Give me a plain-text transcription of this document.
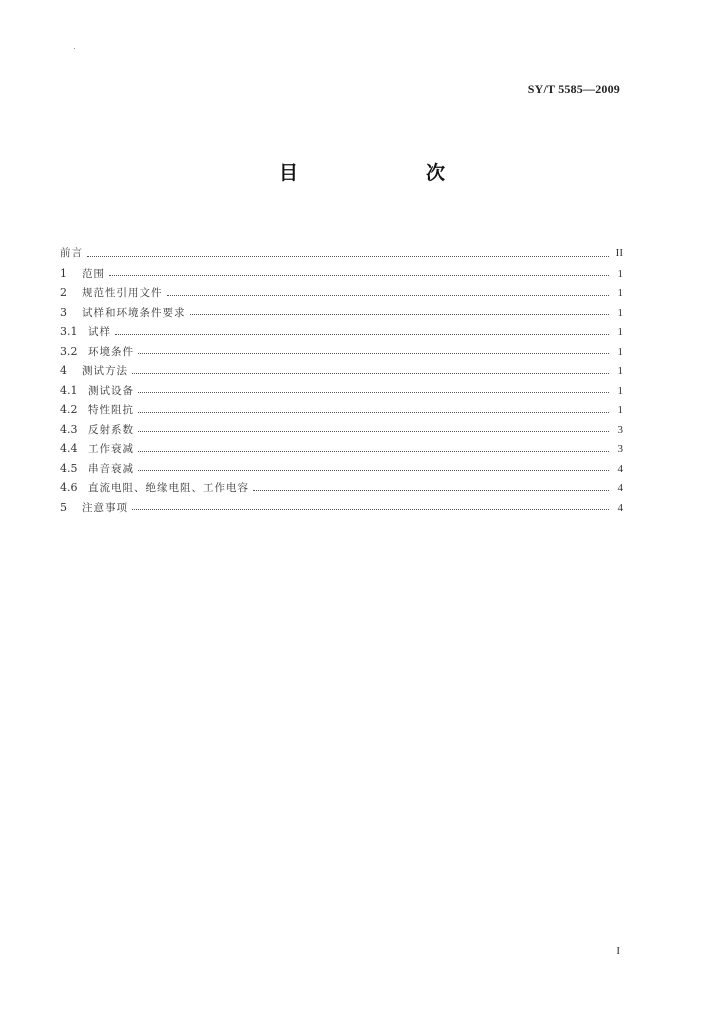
SY/T 5585—2009
目　　次
前言	II
1	范围	1
2	规范性引用文件	1
3	试样和环境条件要求	1
3.1	试样	1
3.2	环境条件	1
4	测试方法	1
4.1	测试设备	1
4.2	特性阻抗	1
4.3	反射系数	3
4.4	工作衰减	3
4.5	串音衰减	4
4.6	直流电阻、绝缘电阻、工作电容	4
5	注意事项	4
I
